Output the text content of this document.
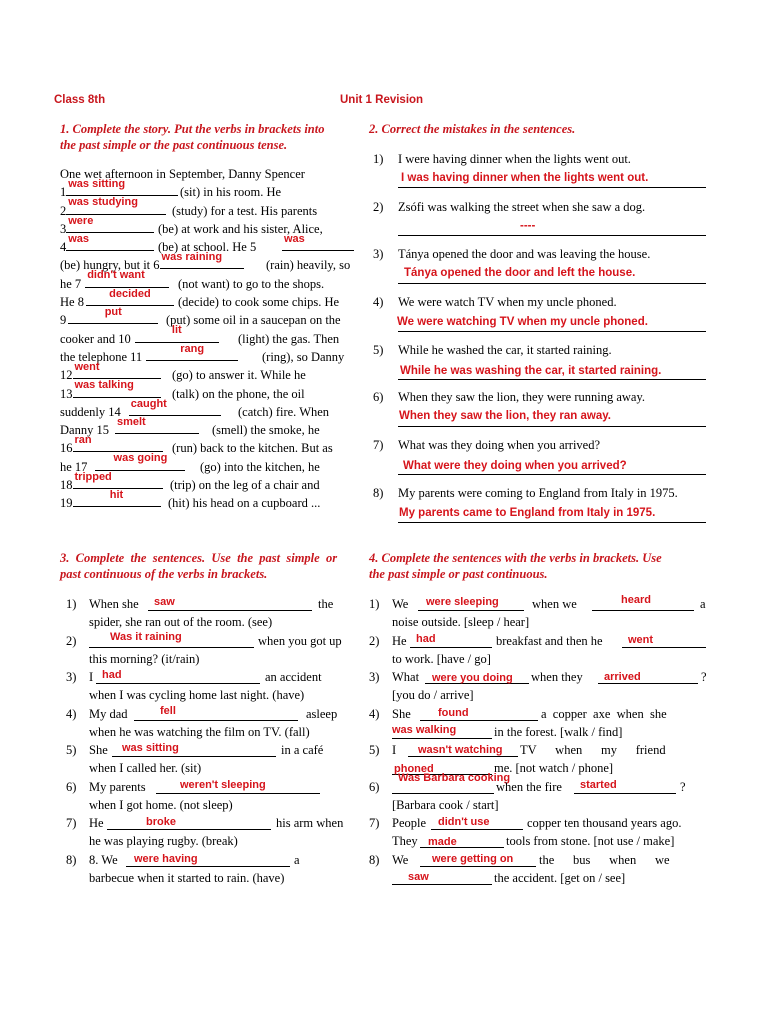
Class 8th	Unit 1 Revision
1. Complete the story. Put the verbs in brackets into
the past simple or the past continuous tense.
One wet afternoon in September, Danny Spencer
1
was sitting
(sit) in his room. He
2
was studying
(study) for a test. His parents
3
were
(be) at work and his sister, Alice,
4
was
(be) at school. He 5
was
(be) hungry, but it 6
was raining
(rain) heavily, so
he 7
didn't want
(not want) to go to the shops.
He 8
decided
(decide) to cook some chips. He
9
put
(put) some oil in a saucepan on the
cooker and 10
lit
(light) the gas. Then
the telephone 11
rang
(ring), so Danny
12
went
(go) to answer it. While he
13
was talking
(talk) on the phone, the oil
suddenly 14
caught
(catch) fire. When
Danny 15
smelt
(smell) the smoke, he
16
ran
(run) back to the kitchen. But as
he 17
was going
(go) into the kitchen, he
18
tripped
(trip) on the leg of a chair and
19
hit
(hit) his head on a cupboard ...
2. Correct the mistakes in the sentences.
1) I were having dinner when the lights went out.
I was having dinner when the lights went out.
2) Zsófi was walking the street when she saw a dog.
----
3) Tánya opened the door and was leaving the house.
Tánya opened the door and left the house.
4) We were watch TV when my uncle phoned.
We were watching TV when my uncle phoned.
5) While he washed the car, it started raining.
While he was washing the car, it started raining.
6) When they saw the lion, they were running away.
When they saw the lion, they ran away.
7) What was they doing when you arrived?
What were they doing when you arrived?
8) My parents were coming to England from Italy in 1975.
My parents came to England from Italy in 1975.
3.  Complete  the  sentences.  Use  the  past  simple  or
past continuous of the verbs in brackets.
1) When she saw	the
spider, she ran out of the room. (see)
2)	Was it raining	when you got up
this morning? (it/rain)
3) I had	an accident
when I was cycling home last night. (have)
4) My dad	fell	asleep
when he was watching the film on TV. (fall)
5) She was sitting	in a café
when I called her. (sit)
6) My parents	weren't sleeping
when I got home. (not sleep)
7) He	broke	his arm when
he was playing rugby. (break)
8) 8. We were having	a
barbecue when it started to rain. (have)
4. Complete the sentences with the verbs in brackets. Use
the past simple or past continuous.
1) We were sleeping	when we	heard	a
noise outside. [sleep / hear]
2) He had	breakfast and then he went
to work. [have / go]
3) What were you doing when they arrived	?
[you do / arrive]
4) She found	a  copper  axe  when  she
was walking	in the forest. [walk / find]
5) I wasn't watching TV      when      my      friend
phoned	me. [not watch / phone]
6)
Was Barbara cooking
when the fire started	?
[Barbara cook / start]
7) People didn't use	copper ten thousand years ago.
They made	tools from stone. [not use / make]
8) We were getting on the      bus      when      we
saw	the accident. [get on / see]
